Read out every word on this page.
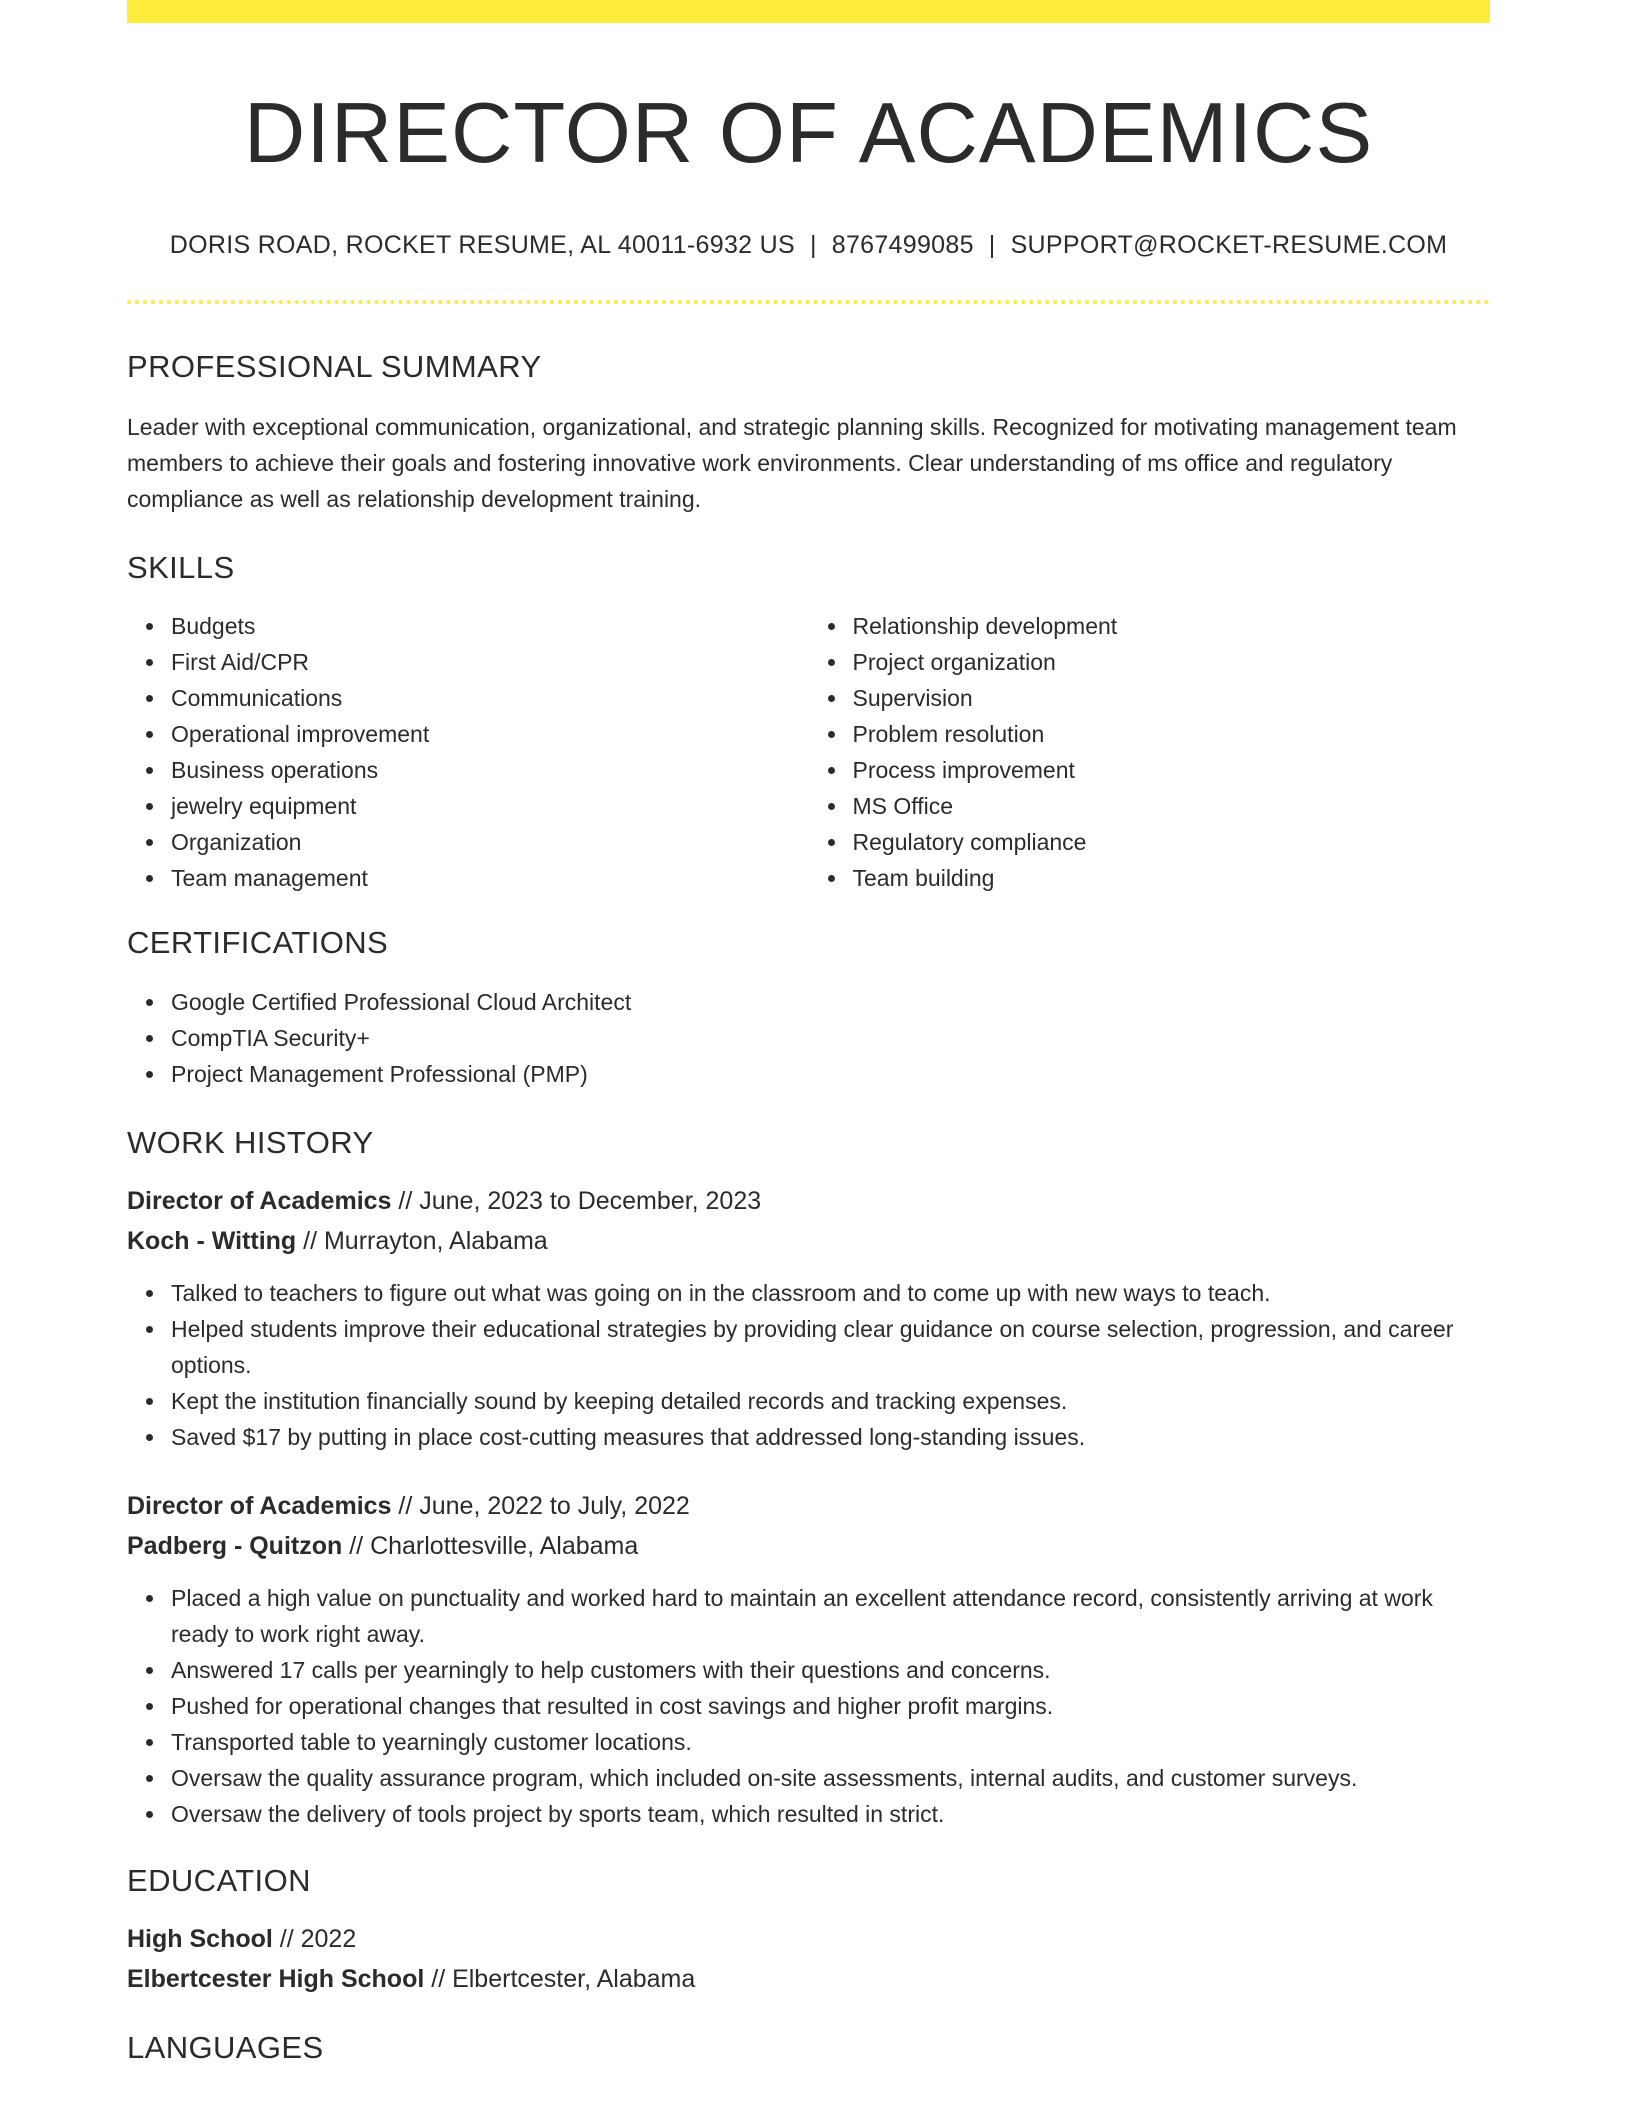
DIRECTOR OF ACADEMICS
DORIS ROAD, ROCKET RESUME, AL 40011-6932 US | 8767499085 | SUPPORT@ROCKET-RESUME.COM
PROFESSIONAL SUMMARY
Leader with exceptional communication, organizational, and strategic planning skills. Recognized for motivating management team members to achieve their goals and fostering innovative work environments. Clear understanding of ms office and regulatory compliance as well as relationship development training.
SKILLS
Budgets
First Aid/CPR
Communications
Operational improvement
Business operations
jewelry equipment
Organization
Team management
Relationship development
Project organization
Supervision
Problem resolution
Process improvement
MS Office
Regulatory compliance
Team building
CERTIFICATIONS
Google Certified Professional Cloud Architect
CompTIA Security+
Project Management Professional (PMP)
WORK HISTORY
Director of Academics // June, 2023 to December, 2023
Koch - Witting // Murrayton, Alabama
Talked to teachers to figure out what was going on in the classroom and to come up with new ways to teach.
Helped students improve their educational strategies by providing clear guidance on course selection, progression, and career options.
Kept the institution financially sound by keeping detailed records and tracking expenses.
Saved $17 by putting in place cost-cutting measures that addressed long-standing issues.
Director of Academics // June, 2022 to July, 2022
Padberg - Quitzon // Charlottesville, Alabama
Placed a high value on punctuality and worked hard to maintain an excellent attendance record, consistently arriving at work ready to work right away.
Answered 17 calls per yearningly to help customers with their questions and concerns.
Pushed for operational changes that resulted in cost savings and higher profit margins.
Transported table to yearningly customer locations.
Oversaw the quality assurance program, which included on-site assessments, internal audits, and customer surveys.
Oversaw the delivery of tools project by sports team, which resulted in strict.
EDUCATION
High School // 2022
Elbertcester High School // Elbertcester, Alabama
LANGUAGES
